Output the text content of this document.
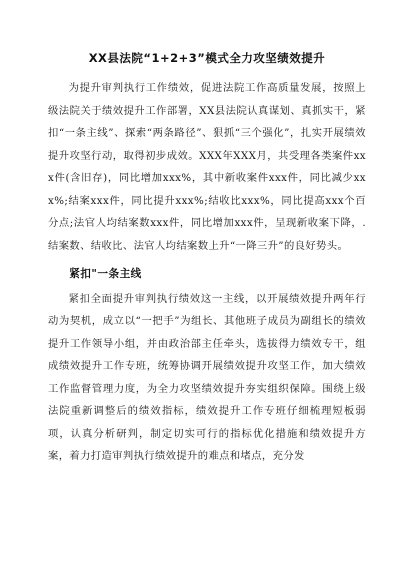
XX县法院“1+2+3”模式全力攻坚绩效提升

为提升审判执行工作绩效，促进法院工作高质量发展，按照上级法院关于绩效提升工作部署，XX县法院认真谋划、真抓实干，紧扣“一条主线”、探索“两条路径”、狠抓“三个强化”，扎实开展绩效提升攻坚行动，取得初步成效。XXX年XXX月，共受理各类案件xxx件(含旧存)，同比增加xxx%，其中新收案件xxx件，同比减少xxx%;结案xxx件，同比提升xxx%;结收比xxx%，同比提高xxx个百分点;法官人均结案数xxx件，同比增加xxx件，呈现新收案下降，.结案数、结收比、法官人均结案数上升“一降三升”的良好势头。

紧扣"一条主线

紧扣全面提升审判执行绩效这一主线，以开展绩效提升两年行动为契机，成立以“一把手”为组长、其他班子成员为副组长的绩效提升工作领导小组，并由政治部主任牵头，选拔得力绩效专干，组成绩效提升工作专班，统筹协调开展绩效提升攻坚工作，加大绩效工作监督管理力度，为全力攻坚绩效提升夯实组织保障。围绕上级法院重新调整后的绩效指标，绩效提升工作专班仔细梳理短板弱项，认真分析研判，制定切实可行的指标优化措施和绩效提升方案，着力打造审判执行绩效提升的难点和堵点，充分发
